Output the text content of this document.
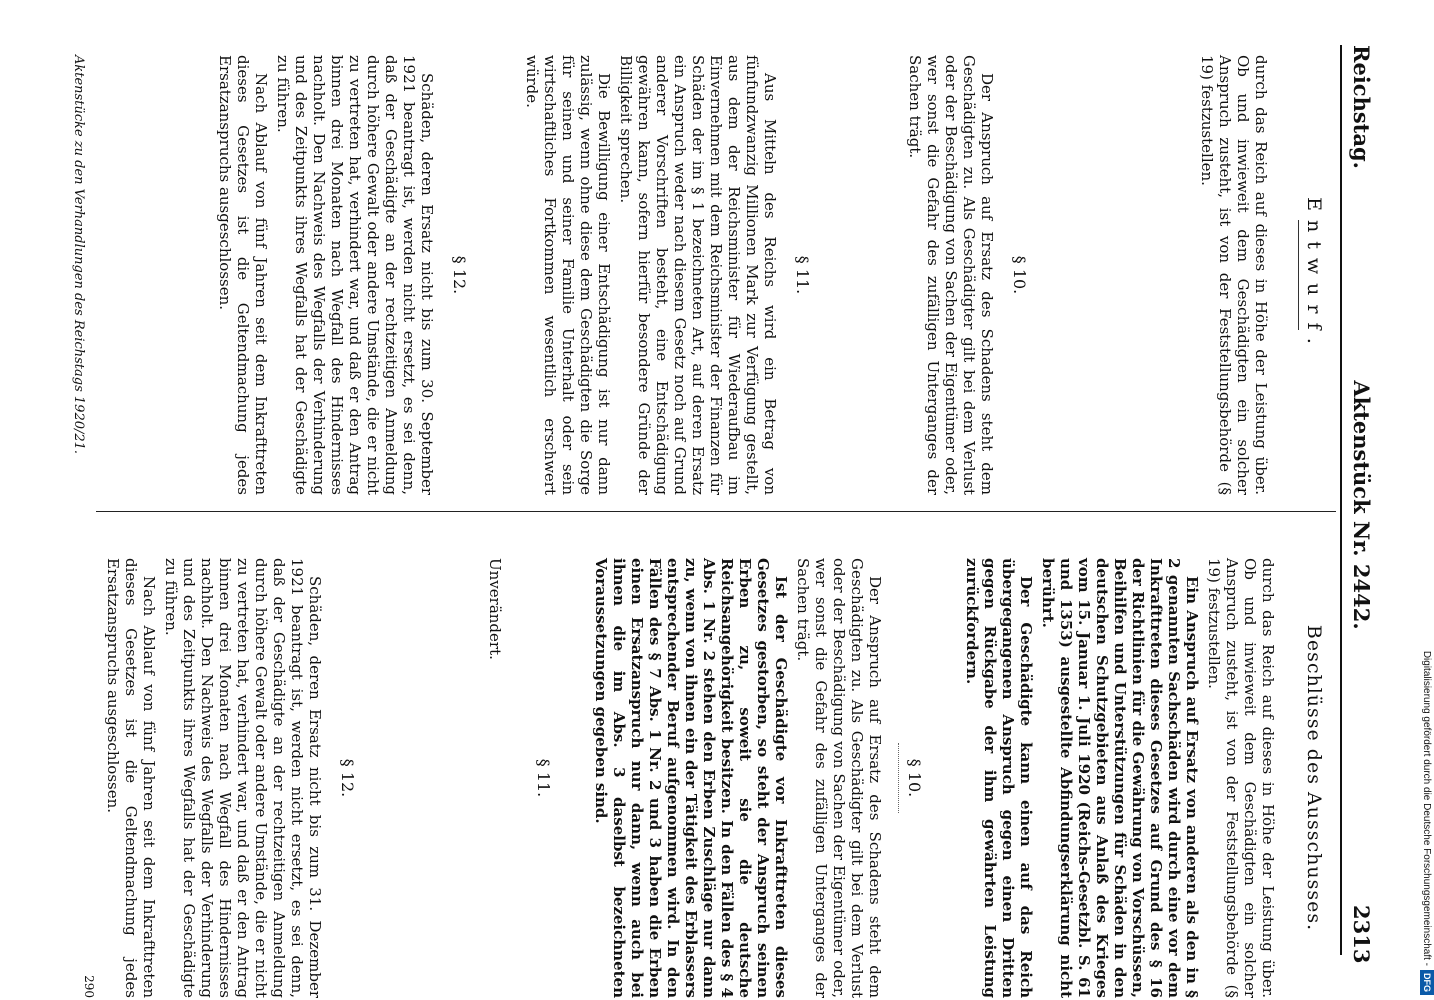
Reichstag.
Aktenstück Nr. 2442.
2313
Entwurf.

durch das Reich auf dieses in Höhe der Leistung über. Ob und inwieweit dem Geschädigten ein solcher Anspruch zusteht, ist von der Feststellungsbehörde (§ 19) festzustellen.

§ 10.

Der Anspruch auf Ersatz des Schadens steht dem Geschädigten zu. Als Geschädigter gilt bei dem Verlust oder der Beschädigung von Sachen der Eigentümer oder, wer sonst die Gefahr des zufälligen Unterganges der Sachen trägt.

§ 11.

Aus Mitteln des Reichs wird ein Betrag von fünfundzwanzig Millionen Mark zur Verfügung gestellt, aus dem der Reichsminister für Wiederaufbau im Einvernehmen mit dem Reichsminister der Finanzen für Schäden der im § 1 bezeichneten Art, auf deren Ersatz ein Anspruch weder nach diesem Gesetz noch auf Grund anderer Vorschriften besteht, eine Entschädigung gewähren kann, sofern hierfür besondere Gründe der Billigkeit sprechen.

Die Bewilligung einer Entschädigung ist nur dann zulässig, wenn ohne diese dem Geschädigten die Sorge für seinen und seiner Familie Unterhalt oder sein wirtschaftliches Fortkommen wesentlich erschwert würde.

§ 12.

Schäden, deren Ersatz nicht bis zum 30. September 1921 beantragt ist, werden nicht ersetzt, es sei denn, daß der Geschädigte an der rechtzeitigen Anmeldung durch höhere Gewalt oder andere Umstände, die er nicht zu vertreten hat, verhindert war, und daß er den Antrag binnen drei Monaten nach Wegfall des Hindernisses nachholt. Den Nachweis des Wegfalls der Verhinderung und des Zeitpunkts ihres Wegfalls hat der Geschädigte zu führen.

Nach Ablauf von fünf Jahren seit dem Inkrafttreten dieses Gesetzes ist die Geltendmachung jedes Ersatzanspruchs ausgeschlossen.

Beschlüsse des Ausschusses.

durch das Reich auf dieses in Höhe der Leistung über. Ob und inwieweit dem Geschädigten ein solcher Anspruch zusteht, ist von der Feststellungsbehörde (§ 19) festzustellen.

Ein Anspruch auf Ersatz von anderen als den in § 2 genannten Sachschäden wird durch eine vor dem Inkrafttreten dieses Gesetzes auf Grund des § 16 der Richtlinien für die Gewährung von Vorschüssen, Beihilfen und Unterstützungen für Schäden in den deutschen Schutzgebieten aus Anlaß des Krieges vom 15. Januar 1. Juli 1920 (Reichs-Gesetzbl. S. 61 und 1353) ausgestellte Abfindungserklärung nicht berührt.

Der Geschädigte kann einen auf das Reich übergegangenen Anspruch gegen einen Dritten gegen Rückgabe der ihm gewährten Leistung zurückfordern.

§ 10.

Der Anspruch auf Ersatz des Schadens steht dem Geschädigten zu. Als Geschädigter gilt bei dem Verlust oder der Beschädigung von Sachen der Eigentümer oder, wer sonst die Gefahr des zufälligen Unterganges der Sachen trägt.

Ist der Geschädigte vor Inkrafttreten dieses Gesetzes gestorben, so steht der Anspruch seinen Erben zu, soweit sie die deutsche Reichsangehörigkeit besitzen. In den Fällen des § 4 Abs. 1 Nr. 2 stehen den Erben Zuschläge nur dann zu, wenn von ihnen ein der Tätigkeit des Erblassers entsprechender Beruf aufgenommen wird. In den Fällen des § 7 Abs. 1 Nr. 2 und 3 haben die Erben einen Ersatzanspruch nur dann, wenn auch bei ihnen die im Abs. 3 daselbst bezeichneten Voraussetzungen gegeben sind.

§ 11.

Unverändert.

§ 12.

Schäden, deren Ersatz nicht bis zum 31. Dezember 1921 beantragt ist, werden nicht ersetzt, es sei denn, daß der Geschädigte an der rechtzeitigen Anmeldung durch höhere Gewalt oder andere Umstände, die er nicht zu vertreten hat, verhindert war, und daß er den Antrag binnen drei Monaten nach Wegfall des Hindernisses nachholt. Den Nachweis des Wegfalls der Verhinderung und des Zeitpunkts ihres Wegfalls hat der Geschädigte zu führen.

Nach Ablauf von fünf Jahren seit dem Inkrafttreten dieses Gesetzes ist die Geltendmachung jedes Ersatzanspruchs ausgeschlossen.

290
Aktenstücke zu den Verhandlungen des Reichstags 1920/21.
Digitalisierung gefördert durch die Deutsche Forschungsgemeinschaft -DFG
